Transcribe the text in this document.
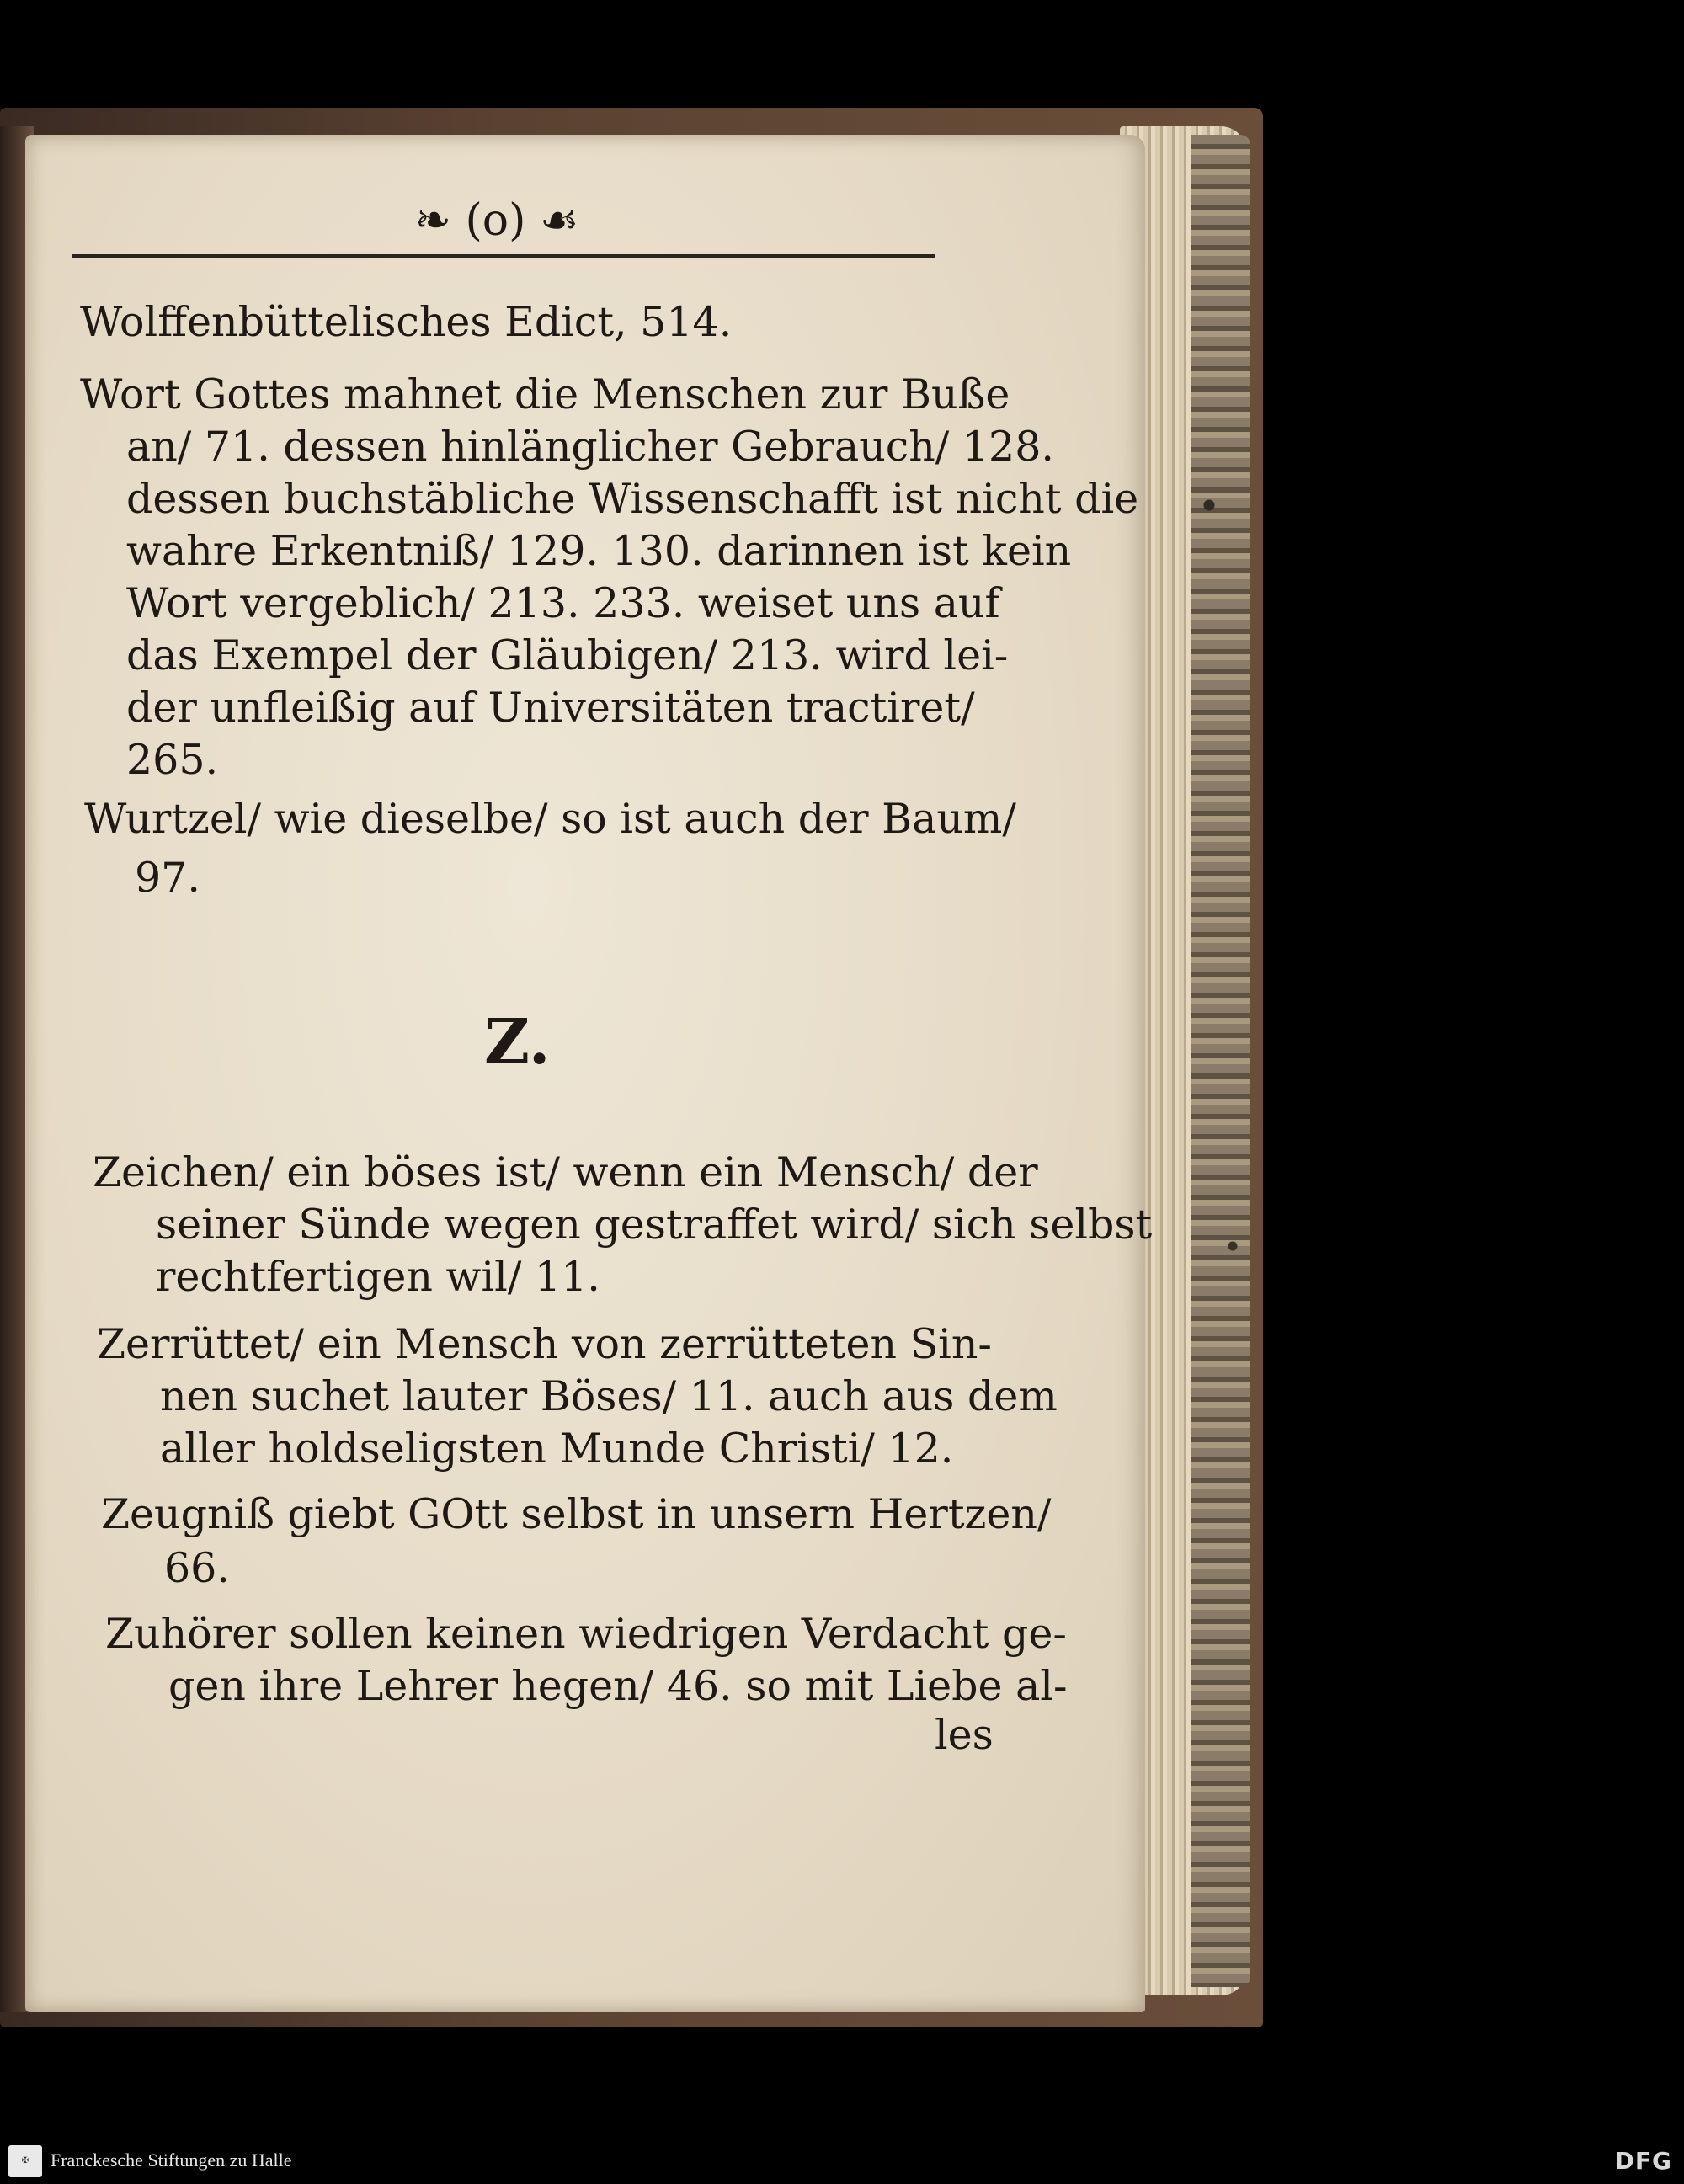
❧ (o) ☙
Wolffenbüttelisches Edict, 514.
Wort Gottes mahnet die Menschen zur Buße
an/ 71. dessen hinlänglicher Gebrauch/ 128.
dessen buchstäbliche Wissenschafft ist nicht die
wahre Erkentniß/ 129. 130. darinnen ist kein
Wort vergeblich/ 213. 233. weiset uns auf
das Exempel der Gläubigen/ 213. wird lei-
der unfleißig auf Universitäten tractiret/
265.
Wurtzel/ wie dieselbe/ so ist auch der Baum/
97.
Z.
Zeichen/ ein böses ist/ wenn ein Mensch/ der
seiner Sünde wegen gestraffet wird/ sich selbst
rechtfertigen wil/ 11.
Zerrüttet/ ein Mensch von zerrütteten Sin-
nen suchet lauter Böses/ 11. auch aus dem
aller holdseligsten Munde Christi/ 12.
Zeugniß giebt GOtt selbst in unsern Hertzen/
66.
Zuhörer sollen keinen wiedrigen Verdacht ge-
gen ihre Lehrer hegen/ 46. so mit Liebe al-
les
✠	Franckesche Stiftungen zu Halle	DFG
